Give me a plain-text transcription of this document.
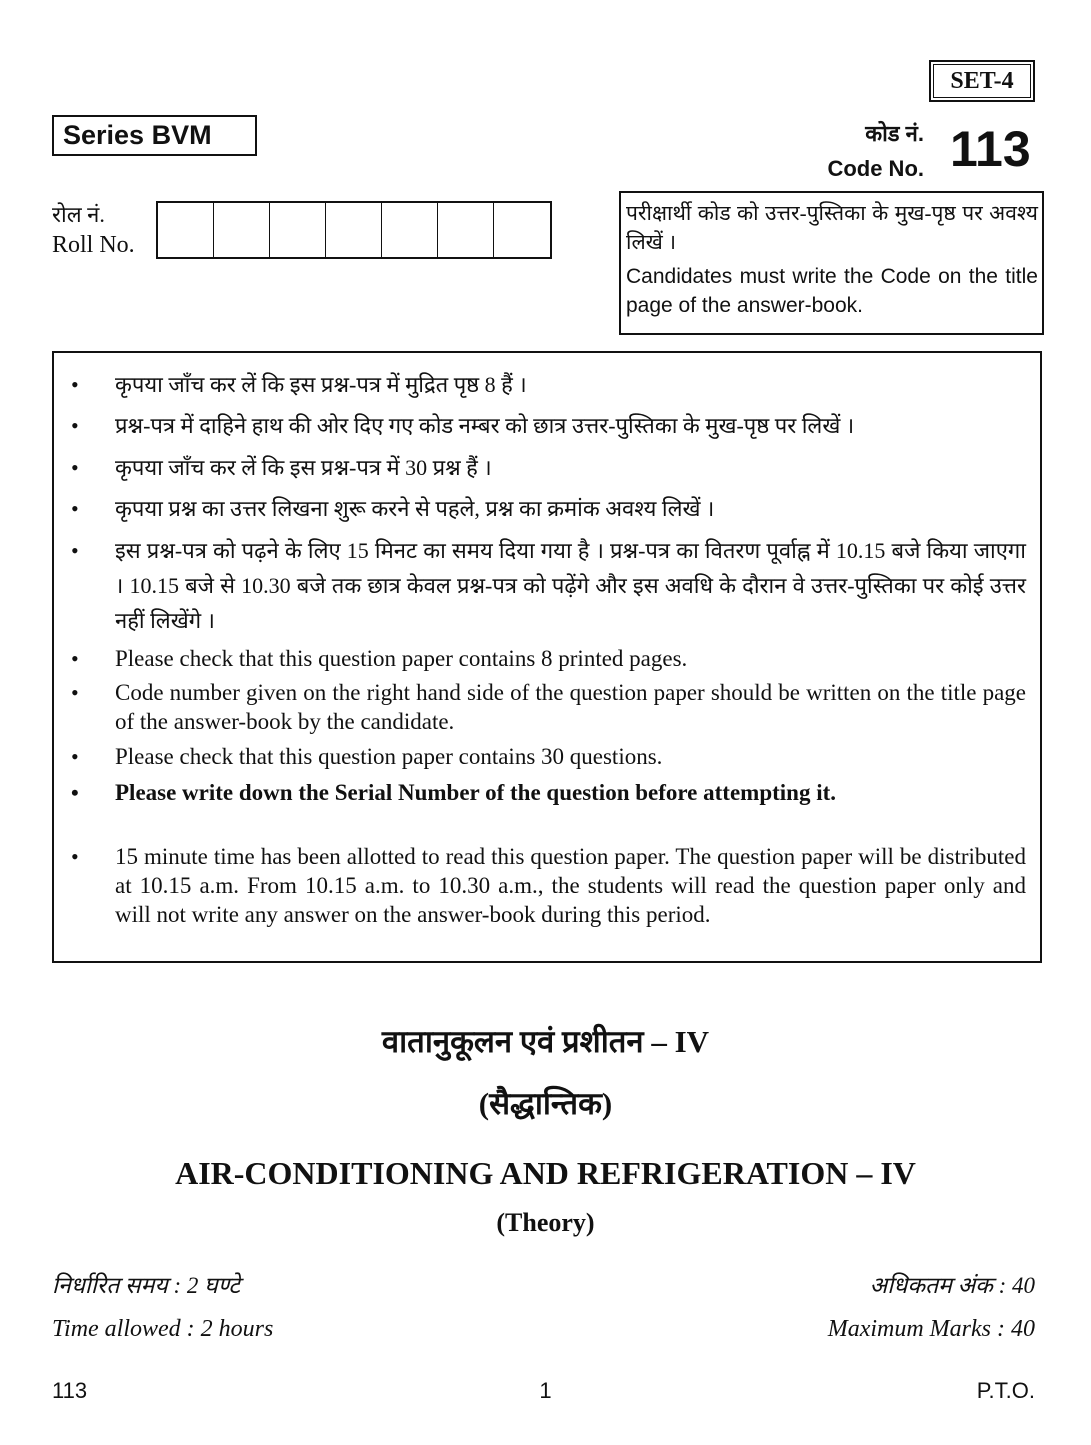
SET-4
Series BVM	कोड नं.
Code No. 113
रोल नं.
Roll No.
परीक्षार्थी कोड को उत्तर-पुस्तिका के मुख-पृष्ठ पर अवश्य लिखें ।
Candidates must write the Code on the title page of the answer-book.
• कृपया जाँच कर लें कि इस प्रश्न-पत्र में मुद्रित पृष्ठ 8 हैं ।
• प्रश्न-पत्र में दाहिने हाथ की ओर दिए गए कोड नम्बर को छात्र उत्तर-पुस्तिका के मुख-पृष्ठ पर लिखें ।
• कृपया जाँच कर लें कि इस प्रश्न-पत्र में 30 प्रश्न हैं ।
• कृपया प्रश्न का उत्तर लिखना शुरू करने से पहले, प्रश्न का क्रमांक अवश्य लिखें ।
• इस प्रश्न-पत्र को पढ़ने के लिए 15 मिनट का समय दिया गया है । प्रश्न-पत्र का वितरण पूर्वाह्न में 10.15 बजे किया जाएगा । 10.15 बजे से 10.30 बजे तक छात्र केवल प्रश्न-पत्र को पढ़ेंगे और इस अवधि के दौरान वे उत्तर-पुस्तिका पर कोई उत्तर नहीं लिखेंगे ।
• Please check that this question paper contains 8 printed pages.
• Code number given on the right hand side of the question paper should be written on the title page of the answer-book by the candidate.
• Please check that this question paper contains 30 questions.
• Please write down the Serial Number of the question before attempting it.
• 15 minute time has been allotted to read this question paper. The question paper will be distributed at 10.15 a.m. From 10.15 a.m. to 10.30 a.m., the students will read the question paper only and will not write any answer on the answer-book during this period.
वातानुकूलन एवं प्रशीतन – IV
(सैद्धान्तिक)
AIR-CONDITIONING AND REFRIGERATION – IV
(Theory)
निर्धारित समय : 2 घण्टे
Time allowed : 2 hours
अधिकतम अंक : 40
Maximum Marks : 40
113	1	P.T.O.
